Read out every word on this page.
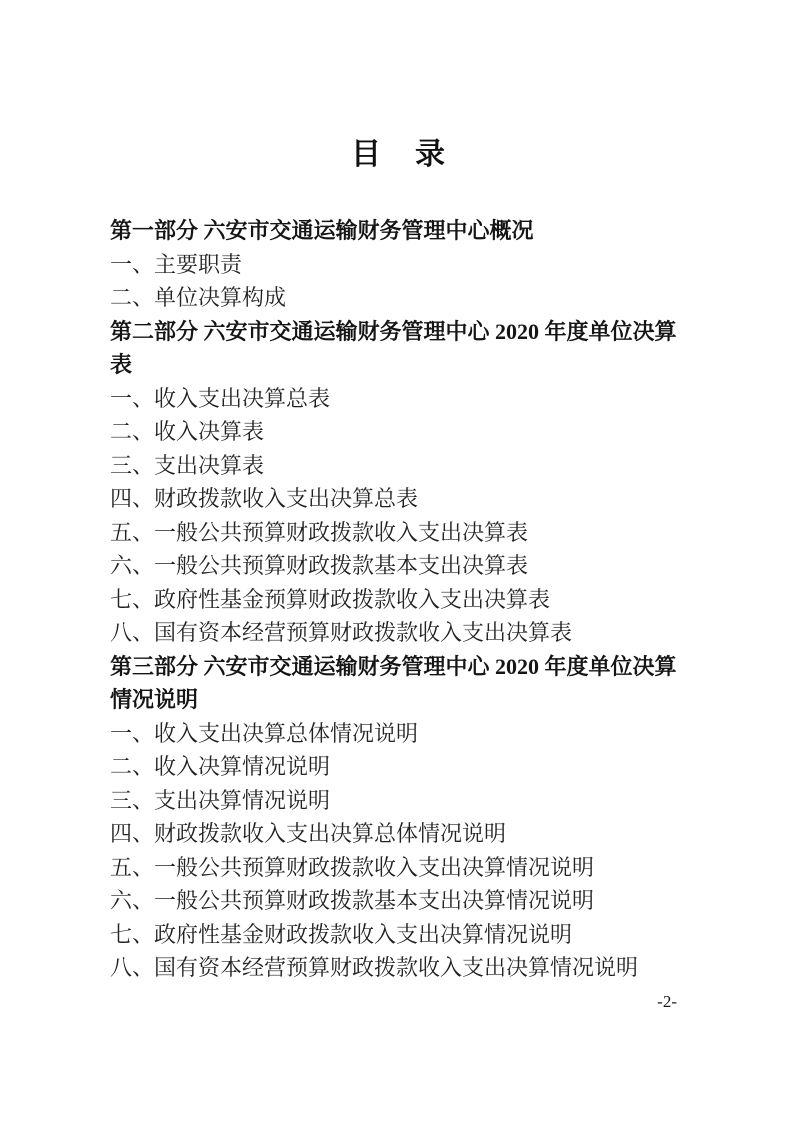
目　录
第一部分 六安市交通运输财务管理中心概况
一、主要职责
二、单位决算构成
第二部分 六安市交通运输财务管理中心 2020 年度单位决算表
一、收入支出决算总表
二、收入决算表
三、支出决算表
四、财政拨款收入支出决算总表
五、一般公共预算财政拨款收入支出决算表
六、一般公共预算财政拨款基本支出决算表
七、政府性基金预算财政拨款收入支出决算表
八、国有资本经营预算财政拨款收入支出决算表
第三部分 六安市交通运输财务管理中心 2020 年度单位决算情况说明
一、收入支出决算总体情况说明
二、收入决算情况说明
三、支出决算情况说明
四、财政拨款收入支出决算总体情况说明
五、一般公共预算财政拨款收入支出决算情况说明
六、一般公共预算财政拨款基本支出决算情况说明
七、政府性基金财政拨款收入支出决算情况说明
八、国有资本经营预算财政拨款收入支出决算情况说明
-2-
